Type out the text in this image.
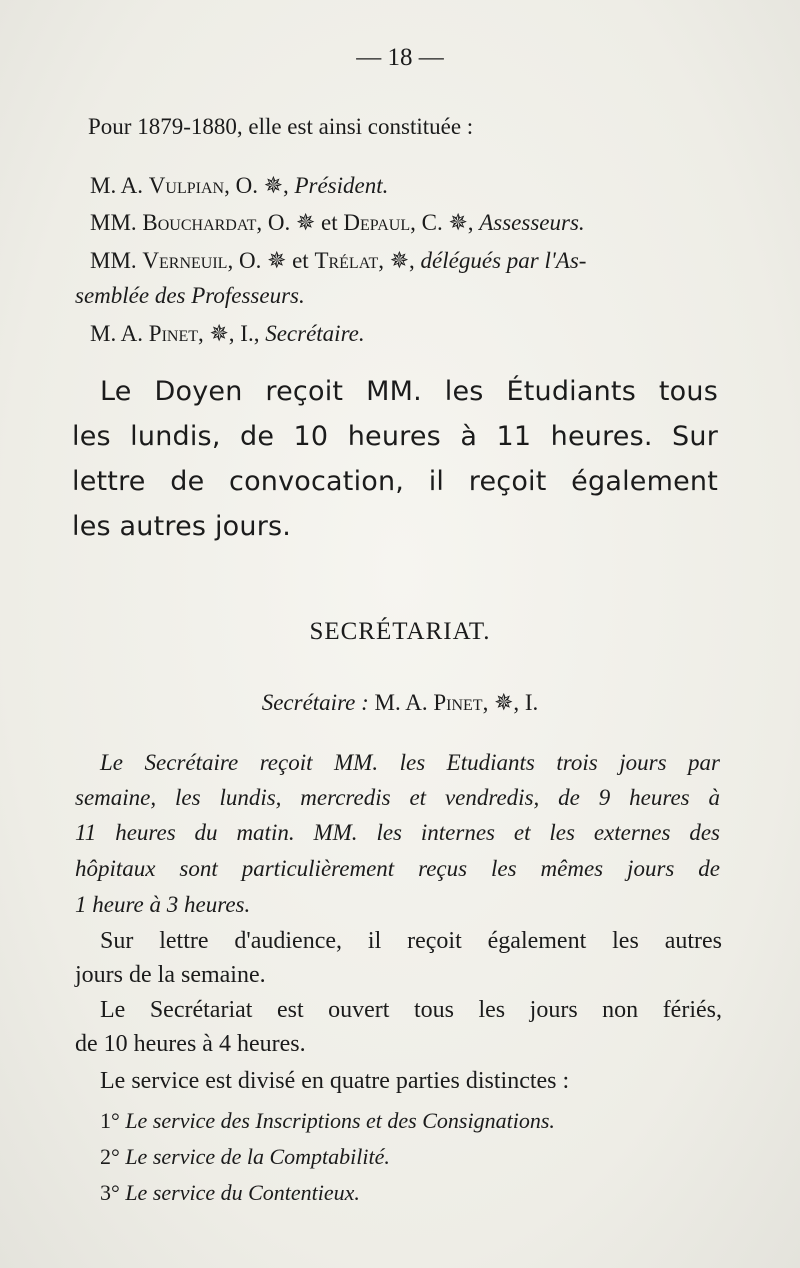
— 18 —
Pour 1879-1880, elle est ainsi constituée :
M. A. Vulpian, O. ✵, Président.
MM. Bouchardat, O. ✵ et Depaul, C. ✵, Assesseurs.
MM. Verneuil, O. ✵ et Trélat, ✵, délégués par l'As-
semblée des Professeurs.
M. A. Pinet, ✵, I., Secrétaire.
Le Doyen reçoit MM. les Étudiants tous
les lundis, de 10 heures à 11 heures. Sur
lettre de convocation, il reçoit également
les autres jours.
SECRÉTARIAT.
Secrétaire : M. A. Pinet, ✵, I.
Le Secrétaire reçoit MM. les Etudiants trois jours par
semaine, les lundis, mercredis et vendredis, de 9 heures à
11 heures du matin. MM. les internes et les externes des
hôpitaux sont particulièrement reçus les mêmes jours de
1 heure à 3 heures.
Sur lettre d'audience, il reçoit également les autres
jours de la semaine.
Le Secrétariat est ouvert tous les jours non fériés,
de 10 heures à 4 heures.
Le service est divisé en quatre parties distinctes :
1° Le service des Inscriptions et des Consignations.
2° Le service de la Comptabilité.
3° Le service du Contentieux.
